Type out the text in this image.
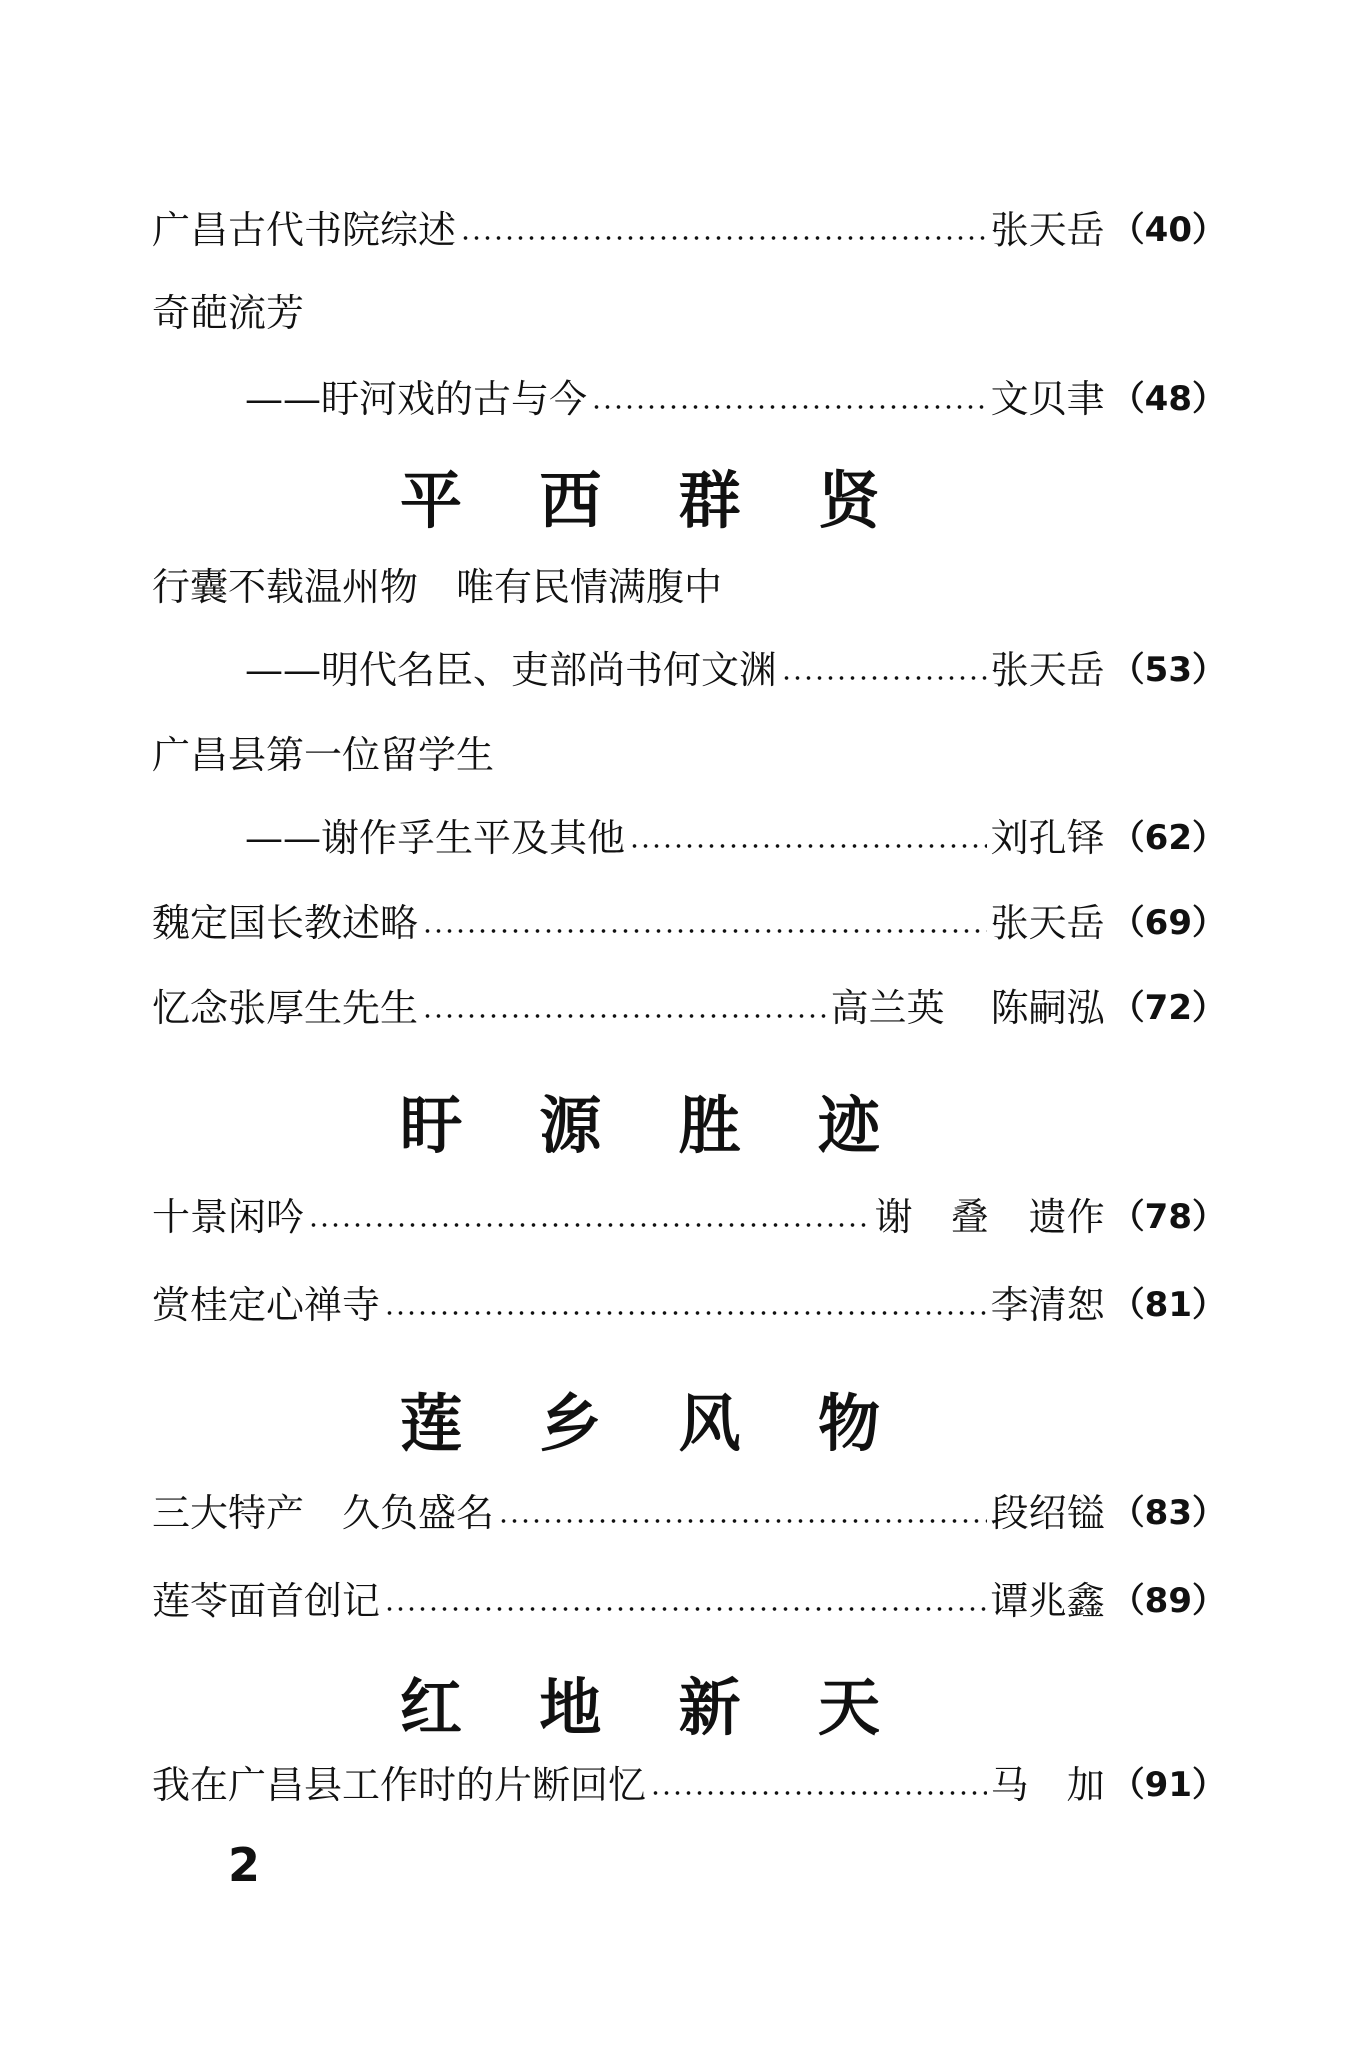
广昌古代书院综述	张天岳 （40）
奇葩流芳
——盱河戏的古与今	文贝聿 （48）
平 西 群 贤
行囊不载温州物　唯有民情满腹中
——明代名臣、吏部尚书何文渊	张天岳 （53）
广昌县第一位留学生
——谢作孚生平及其他	刘孔铎 （62）
魏定国长教述略	张天岳 （69）
忆念张厚生先生	高兰英 陈嗣泓 （72）
盱 源 胜 迹
十景闲吟	谢　叠 遗作 （78）
赏桂定心禅寺	李清恕 （81）
莲 乡 风 物
三大特产　久负盛名	段绍镒 （83）
莲苓面首创记	谭兆鑫 （89）
红 地 新 天
我在广昌县工作时的片断回忆	马　加 （91）
2
